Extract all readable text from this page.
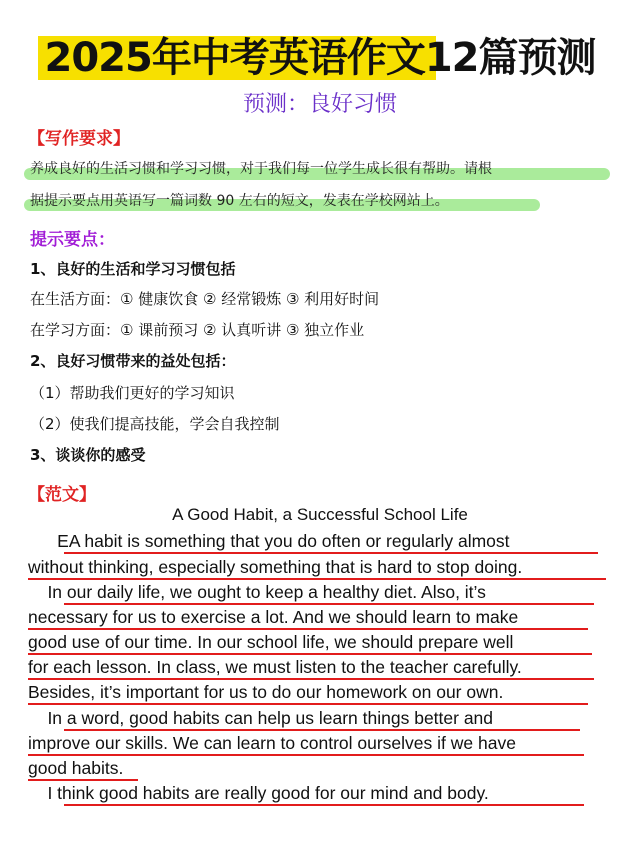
2025年中考英语作文12篇预测
预测：良好习惯
【写作要求】
养成良好的生活习惯和学习习惯，对于我们每一位学生成长很有帮助。请根
据提示要点用英语写一篇词数 90 左右的短文，发表在学校网站上。
提示要点：
1、良好的生活和学习习惯包括
在生活方面：① 健康饮食 ② 经常锻炼 ③ 利用好时间
在学习方面：① 课前预习 ② 认真听讲 ③ 独立作业
2、良好习惯带来的益处包括：
（1）帮助我们更好的学习知识
（2）使我们提高技能，学会自我控制
3、谈谈你的感受
【范文】
A Good Habit, a Successful School Life
EA habit is something that you do often or regularly almost
without thinking, especially something that is hard to stop doing.
In our daily life, we ought to keep a healthy diet. Also, it’s
necessary for us to exercise a lot. And we should learn to make
good use of our time. In our school life, we should prepare well
for each lesson. In class, we must listen to the teacher carefully.
Besides, it’s important for us to do our homework on our own.
In a word, good habits can help us learn things better and
improve our skills. We can learn to control ourselves if we have
good habits.
I think good habits are really good for our mind and body.
